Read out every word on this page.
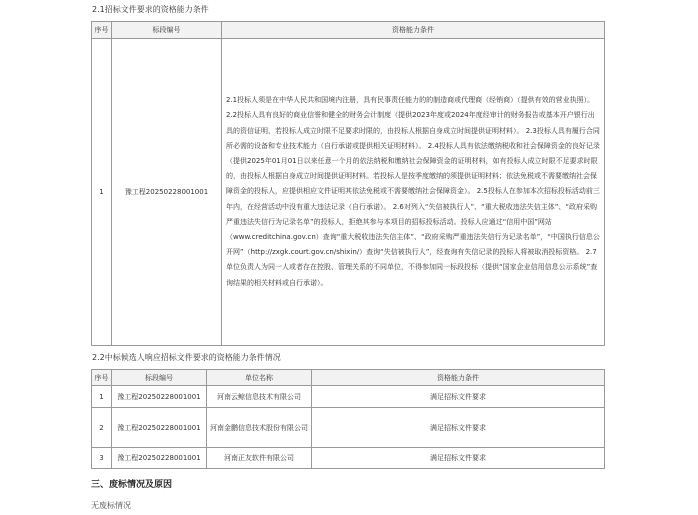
2.1招标文件要求的资格能力条件
序号	标段编号	资格能力条件
1	豫工程20250228001001	2.1投标人须是在中华人民共和国境内注册，具有民事责任能力的的制造商或代理商（经销商）（提供有效的营业执照）。 2.2投标人具有良好的商业信誉和健全的财务会计制度（提供2023年度或2024年度经审计的财务报告或基本开户银行出具的资信证明，若投标人成立时限不足要求时限的，由投标人根据自身成立时间提供证明材料）。 2.3投标人具有履行合同所必需的设备和专业技术能力（自行承诺或提供相关证明材料）。 2.4投标人具有依法缴纳税收和社会保障资金的良好记录（提供2025年01月01日以来任意一个月的依法纳税和缴纳社会保障资金的证明材料，如有投标人成立时限不足要求时限的，由投标人根据自身成立时间提供证明材料。若投标人是按季度缴纳的须提供证明材料；依法免税或不需要缴纳社会保障资金的投标人，应提供相应文件证明其依法免税或不需要缴纳社会保障资金）。 2.5投标人在参加本次招标投标活动前三年内，在经营活动中没有重大违法记录（自行承诺）。 2.6对列入“失信被执行人”、“重大税收违法失信主体”、“政府采购严重违法失信行为记录名单”的投标人，拒绝其参与本项目的招标投标活动。投标人应通过“信用中国”网站（www.creditchina.gov.cn）查询“重大税收违法失信主体”、“政府采购严重违法失信行为记录名单”，“中国执行信息公开网”（http://zxgk.court.gov.cn/shixin/）查询“失信被执行人”，经查询有失信记录的投标人将被取消投标资格。 2.7单位负责人为同一人或者存在控股、管理关系的不同单位，不得参加同一标段投标（提供“国家企业信用信息公示系统”查询结果的相关材料或自行承诺）。
2.2中标候选人响应招标文件要求的资格能力条件情况
序号	标段编号	单位名称	资格能力条件
1	豫工程20250228001001	河南云鲸信息技术有限公司	满足招标文件要求
2	豫工程20250228001001	河南金鹏信息技术股份有限公司	满足招标文件要求
3	豫工程20250228001001	河南正友软件有限公司	满足招标文件要求
三、废标情况及原因
无废标情况
